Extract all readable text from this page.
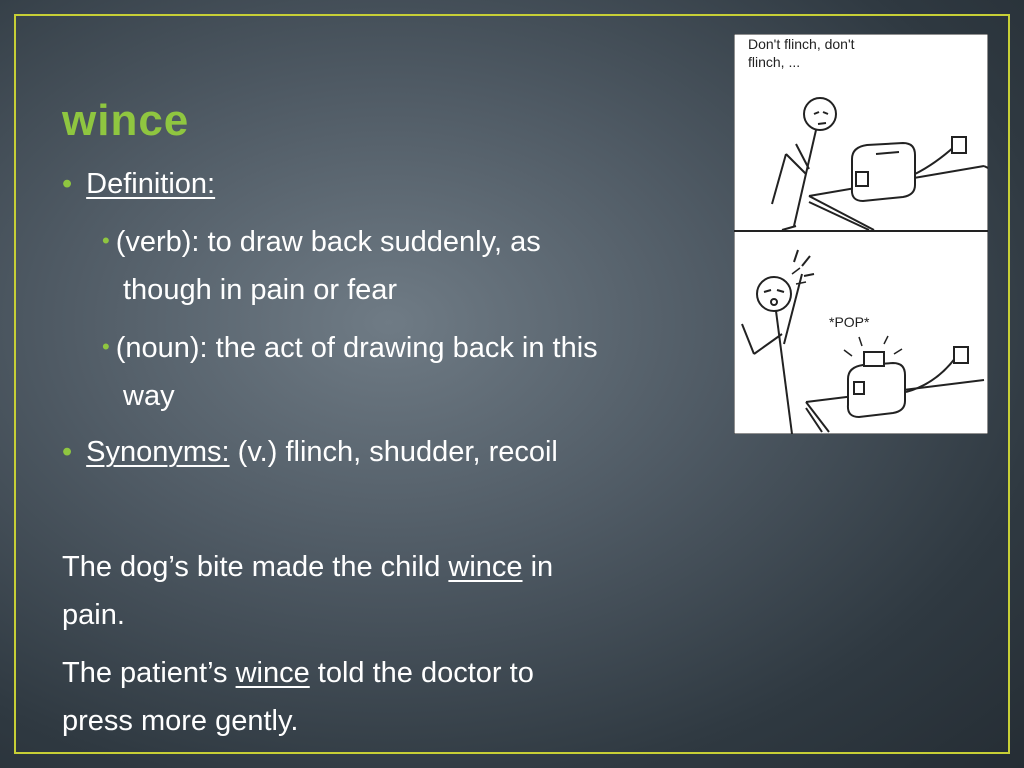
wince
• Definition:
• (verb): to draw back suddenly, as
though in pain or fear
• (noun): the act of drawing back in this
way
• Synonyms: (v.) flinch, shudder, recoil
The dog’s bite made the child wince in
pain.
The patient’s wince told the doctor to
press more gently.
Don't flinch, don't
flinch, ...
*POP*
